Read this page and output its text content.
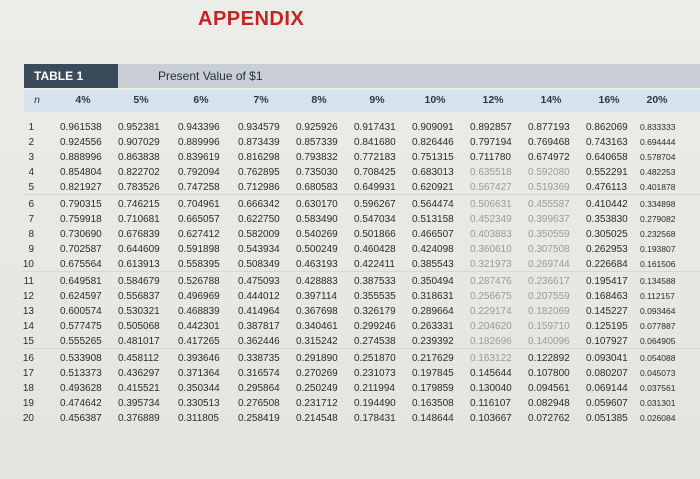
APPENDIX
TABLE 1	Present Value of $1
n	4%	5%	6%	7%	8%	9%	10%	12%	14%	16%	20%
1	0.961538 0.952381 0.943396 0.934579 0.925926 0.917431 0.909091 0.892857 0.877193 0.862069 0.833333
2	0.924556 0.907029 0.889996 0.873439 0.857339 0.841680 0.826446 0.797194 0.769468 0.743163 0.694444
3	0.888996 0.863838 0.839619 0.816298 0.793832 0.772183 0.751315 0.711780 0.674972 0.640658 0.578704
4	0.854804 0.822702 0.792094 0.762895 0.735030 0.708425 0.683013 0.635518 0.592080 0.552291 0.482253
5	0.821927 0.783526 0.747258 0.712986 0.680583 0.649931 0.620921 0.567427 0.519369 0.476113 0.401878
6	0.790315 0.746215 0.704961 0.666342 0.630170 0.596267 0.564474 0.506631 0.455587 0.410442 0.334898
7	0.759918 0.710681 0.665057 0.622750 0.583490 0.547034 0.513158 0.452349 0.399637 0.353830 0.279082
8	0.730690 0.676839 0.627412 0.582009 0.540269 0.501866 0.466507 0.403883 0.350559 0.305025 0.232568
9	0.702587 0.644609 0.591898 0.543934 0.500249 0.460428 0.424098 0.360610 0.307508 0.262953 0.193807
10	0.675564 0.613913 0.558395 0.508349 0.463193 0.422411 0.385543 0.321973 0.269744 0.226684 0.161506
11	0.649581 0.584679 0.526788 0.475093 0.428883 0.387533 0.350494 0.287476 0.236617 0.195417 0.134588
12	0.624597 0.556837 0.496969 0.444012 0.397114 0.355535 0.318631 0.256675 0.207559 0.168463 0.112157
13	0.600574 0.530321 0.468839 0.414964 0.367698 0.326179 0.289664 0.229174 0.182069 0.145227 0.093464
14	0.577475 0.505068 0.442301 0.387817 0.340461 0.299246 0.263331 0.204620 0.159710 0.125195 0.077887
15	0.555265 0.481017 0.417265 0.362446 0.315242 0.274538 0.239392 0.182696 0.140096 0.107927 0.064905
16	0.533908 0.458112 0.393646 0.338735 0.291890 0.251870 0.217629 0.163122 0.122892 0.093041 0.054088
17	0.513373 0.436297 0.371364 0.316574 0.270269 0.231073 0.197845 0.145644 0.107800 0.080207 0.045073
18	0.493628 0.415521 0.350344 0.295864 0.250249 0.211994 0.179859 0.130040 0.094561 0.069144 0.037561
19	0.474642 0.395734 0.330513 0.276508 0.231712 0.194490 0.163508 0.116107 0.082948 0.059607 0.031301
20	0.456387 0.376889 0.311805 0.258419 0.214548 0.178431 0.148644 0.103667 0.072762 0.051385 0.026084
